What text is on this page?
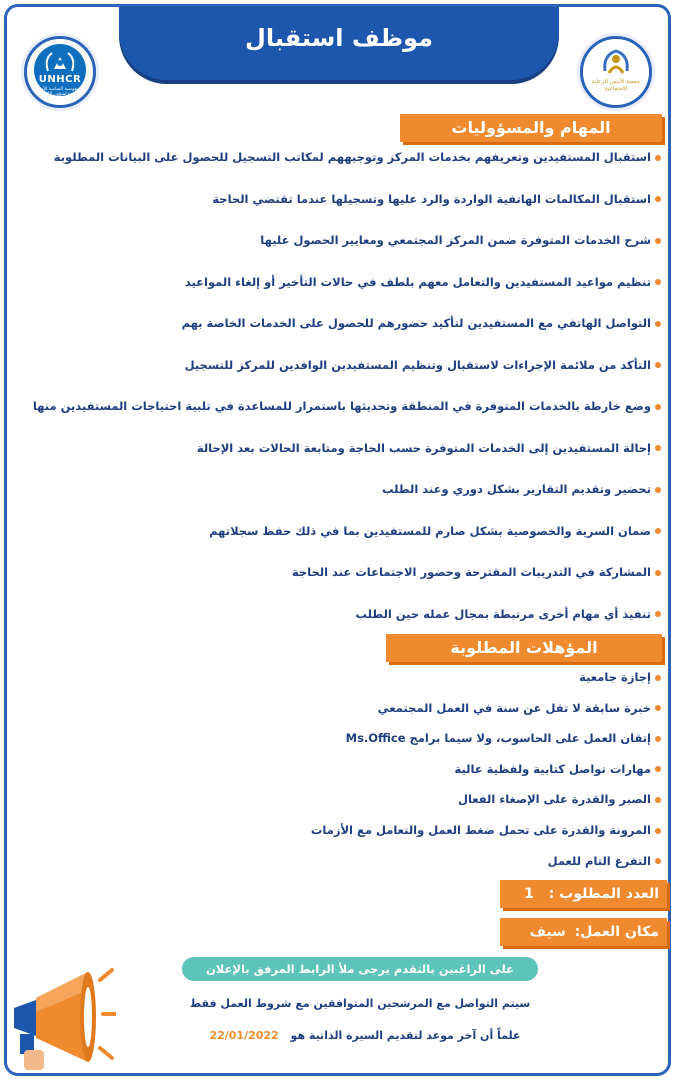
موظف استقبال
UNHCR
المفوضية السامية للأمم المتحدة لشؤون اللاجئين
جمعية الأنيس للرعاية الاجتماعية
المهام والمسؤوليات
استقبال المستفيدين وتعريفهم بخدمات المركز وتوجيههم لمكاتب التسجيل للحصول على البيانات المطلوبة
استقبال المكالمات الهاتفية الواردة والرد عليها وتسجيلها عندما تقتضي الحاجة
شرح الخدمات المتوفرة ضمن المركز المجتمعي ومعايير الحصول عليها
تنظيم مواعيد المستفيدين والتعامل معهم بلطف في حالات التأخير أو إلغاء المواعيد
التواصل الهاتفي مع المستفيدين لتأكيد حضورهم للحصول على الخدمات الخاصة بهم
التأكد من ملائمة الإجراءات لاستقبال وتنظيم المستفيدين الوافدين للمركز للتسجيل
وضع خارطة بالخدمات المتوفرة في المنطقة وتحديثها باستمرار للمساعدة في تلبية احتياجات المستفيدين منها
إحالة المستفيدين إلى الخدمات المتوفرة حسب الحاجة ومتابعة الحالات بعد الإحالة
تحضير وتقديم التقارير بشكل دوري وعند الطلب
ضمان السرية والخصوصية بشكل صارم للمستفيدين بما في ذلك حفظ سجلاتهم
المشاركة في التدريبات المقترحة وحضور الاجتماعات عند الحاجة
تنفيذ أي مهام أخرى مرتبطة بمجال عمله حين الطلب
المؤهلات المطلوبة
إجازة جامعية
خبرة سابقة لا تقل عن سنة في العمل المجتمعي
إتقان العمل على الحاسوب، ولا سيما برامج Ms.Office
مهارات تواصل كتابية ولفظية عالية
الصبر والقدرة على الإصغاء الفعال
المرونة والقدرة على تحمل ضغط العمل والتعامل مع الأزمات
التفرغ التام للعمل
العدد المطلوب : 1
مكان العمل: سيف الدولة
على الراغبين بالتقدم يرجى ملأ الرابط المرفق بالإعلان
سيتم التواصل مع المرشحين المتوافقين مع شروط العمل فقط
علماً أن آخر موعد لتقديم السيرة الذاتية هو 22/01/2022
